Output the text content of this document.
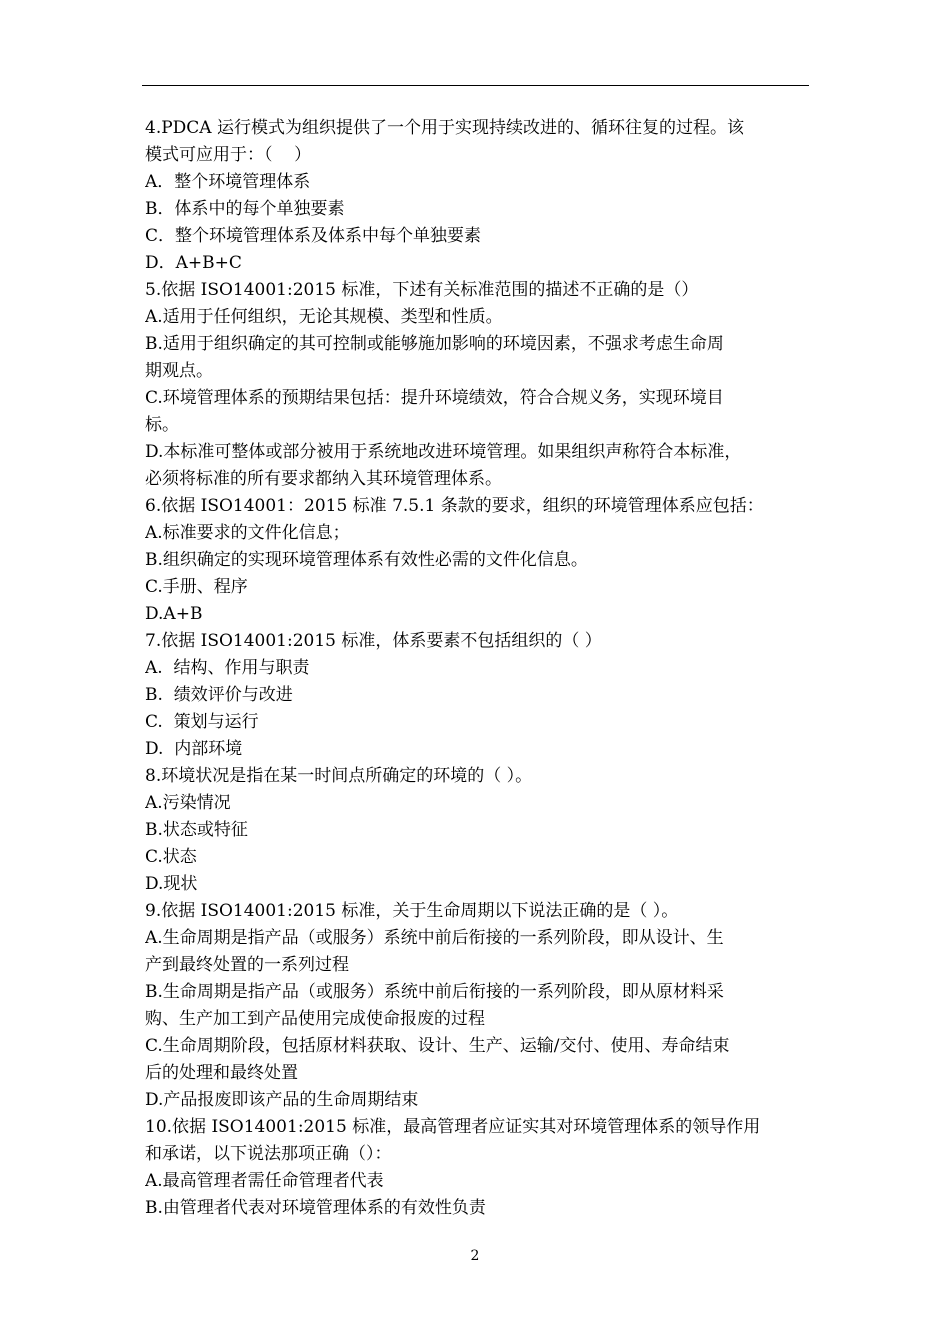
4.PDCA 运行模式为组织提供了一个用于实现持续改进的、循环往复的过程。该
模式可应用于：（    ）
A．整个环境管理体系
B．体系中的每个单独要素
C．整个环境管理体系及体系中每个单独要素
D．A+B+C
5.依据 ISO14001:2015 标准，下述有关标准范围的描述不正确的是（）
A.适用于任何组织，无论其规模、类型和性质。
B.适用于组织确定的其可控制或能够施加影响的环境因素，不强求考虑生命周
期观点。
C.环境管理体系的预期结果包括：提升环境绩效，符合合规义务，实现环境目
标。
D.本标准可整体或部分被用于系统地改进环境管理。如果组织声称符合本标准，
必须将标准的所有要求都纳入其环境管理体系。
6.依据 ISO14001：2015 标准 7.5.1 条款的要求，组织的环境管理体系应包括：
A.标准要求的文件化信息；
B.组织确定的实现环境管理体系有效性必需的文件化信息。
C.手册、程序
D.A+B
7.依据 ISO14001:2015 标准，体系要素不包括组织的（ ）
A.  结构、作用与职责
B.  绩效评价与改进
C.  策划与运行
D.  内部环境
8.环境状况是指在某一时间点所确定的环境的（ ）。
A.污染情况
B.状态或特征
C.状态
D.现状
9.依据 ISO14001:2015 标准，关于生命周期以下说法正确的是（ ）。
A.生命周期是指产品（或服务）系统中前后衔接的一系列阶段，即从设计、生
产到最终处置的一系列过程
B.生命周期是指产品（或服务）系统中前后衔接的一系列阶段，即从原材料采
购、生产加工到产品使用完成使命报废的过程
C.生命周期阶段，包括原材料获取、设计、生产、运输/交付、使用、寿命结束
后的处理和最终处置
D.产品报废即该产品的生命周期结束
10.依据 ISO14001:2015 标准，最高管理者应证实其对环境管理体系的领导作用
和承诺，以下说法那项正确（）：
A.最高管理者需任命管理者代表
B.由管理者代表对环境管理体系的有效性负责
2
